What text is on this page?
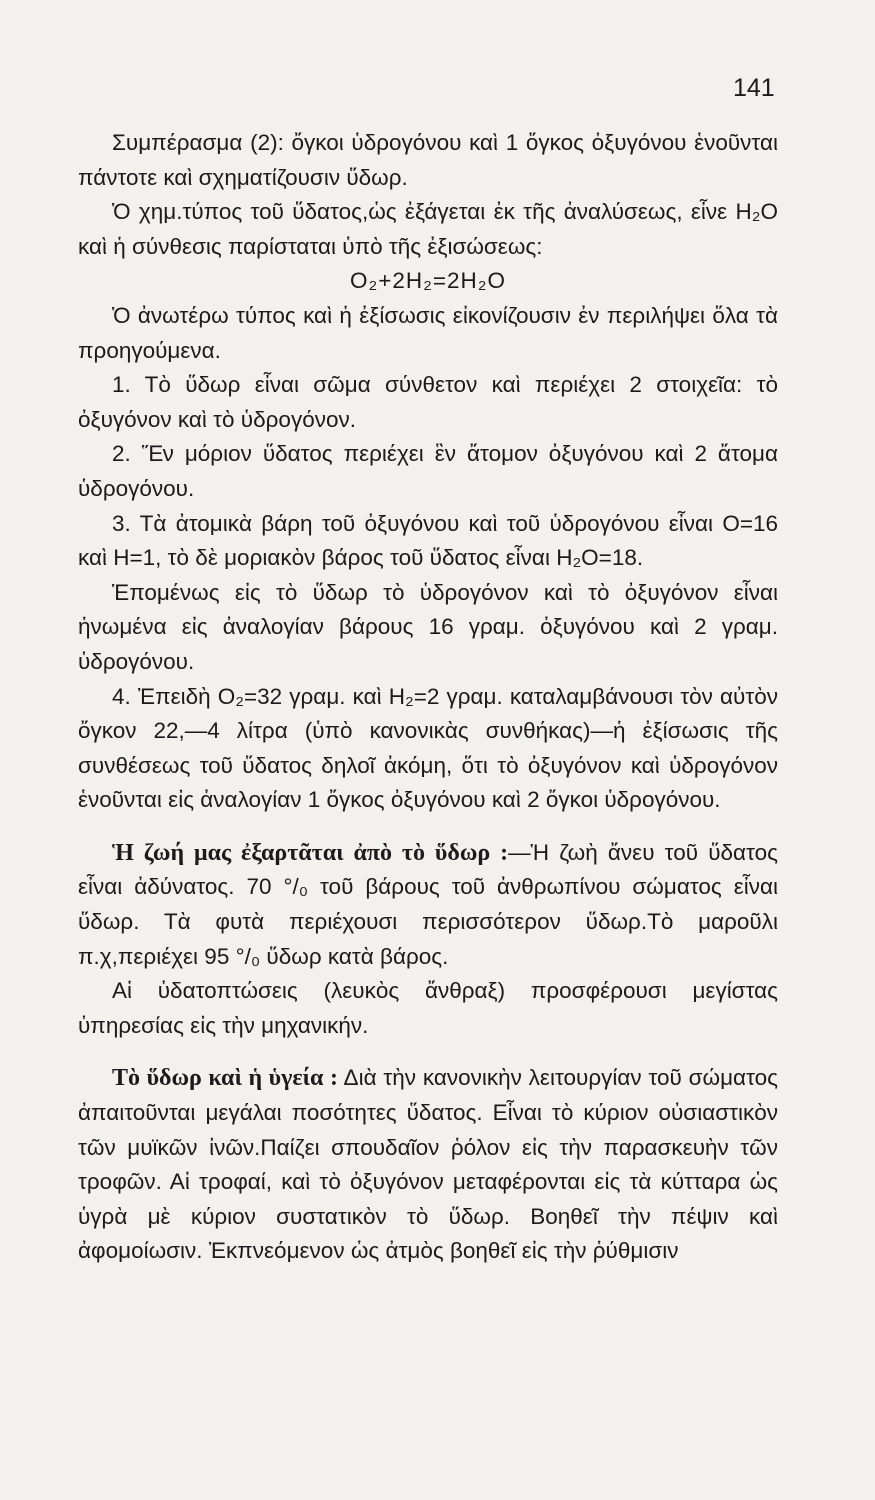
141

Συμπέρασμα (2): ὄγκοι ὑδρογόνου καὶ 1 ὄγκος ὀξυγόνου ἑνοῦνται πάντοτε καὶ σχηματίζουσιν ὕδωρ.

Ὁ χημ.τύπος τοῦ ὕδατος,ὡς ἐξάγεται ἐκ τῆς ἀναλύσεως, εἶνε H₂O καὶ ἡ σύνθεσις παρίσταται ὑπὸ τῆς ἐξισώσεως:

O₂+2H₂=2H₂O

Ὁ ἀνωτέρω τύπος καὶ ἡ ἐξίσωσις εἰκονίζουσιν ἐν περιλήψει ὅλα τὰ προηγούμενα.

1. Τὸ ὕδωρ εἶναι σῶμα σύνθετον καὶ περιέχει 2 στοιχεῖα: τὸ ὀξυγόνον καὶ τὸ ὑδρογόνον.

2. Ἕν μόριον ὕδατος περιέχει ἓν ἄτομον ὀξυγόνου καὶ 2 ἄτομα ὑδρογόνου.

3. Τὰ ἀτομικὰ βάρη τοῦ ὀξυγόνου καὶ τοῦ ὑδρογόνου εἶναι O=16 καὶ H=1, τὸ δὲ μοριακὸν βάρος τοῦ ὕδατος εἶναι H₂O=18.

Ἑπομένως εἰς τὸ ὕδωρ τὸ ὑδρογόνον καὶ τὸ ὀξυγόνον εἶναι ἡνωμένα εἰς ἀναλογίαν βάρους 16 γραμ. ὀξυγόνου καὶ 2 γραμ. ὑδρογόνου.

4. Ἐπειδὴ O₂=32 γραμ. καὶ H₂=2 γραμ. καταλαμβάνουσι τὸν αὐτὸν ὄγκον 22,—4 λίτρα (ὑπὸ κανονικὰς συνθήκας)—ἡ ἐξίσωσις τῆς συνθέσεως τοῦ ὕδατος δηλοῖ ἀκόμη, ὅτι τὸ ὀξυγόνον καὶ ὑδρογόνον ἑνοῦνται εἰς ἀναλογίαν 1 ὄγκος ὀξυγόνου καὶ 2 ὄγκοι ὑδρογόνου.

Ἡ ζωή μας ἐξαρτᾶται ἀπὸ τὸ ὕδωρ :—Ἡ ζωὴ ἄνευ τοῦ ὕδατος εἶναι ἀδύνατος. 70 °/₀ τοῦ βάρους τοῦ ἀνθρωπίνου σώματος εἶναι ὕδωρ. Τὰ φυτὰ περιέχουσι περισσότερον ὕδωρ.Τὸ μαροῦλι π.χ,περιέχει 95 °/₀ ὕδωρ κατὰ βάρος.

Αἱ ὑδατοπτώσεις (λευκὸς ἄνθραξ) προσφέρουσι μεγίστας ὑπηρεσίας εἰς τὴν μηχανικήν.

Τὸ ὕδωρ καὶ ἡ ὑγεία : Διὰ τὴν κανονικὴν λειτουργίαν τοῦ σώματος ἀπαιτοῦνται μεγάλαι ποσότητες ὕδατος. Εἶναι τὸ κύριον οὐσιαστικὸν τῶν μυϊκῶν ἰνῶν.Παίζει σπουδαῖον ῥόλον εἰς τὴν παρασκευὴν τῶν τροφῶν. Αἱ τροφαί, καὶ τὸ ὀξυγόνον μεταφέρονται εἰς τὰ κύτταρα ὡς ὑγρὰ μὲ κύριον συστατικὸν τὸ ὕδωρ. Βοηθεῖ τὴν πέψιν καὶ ἀφομοίωσιν. Ἐκπνεόμενον ὡς ἀτμὸς βοηθεῖ εἰς τὴν ῥύθμισιν
